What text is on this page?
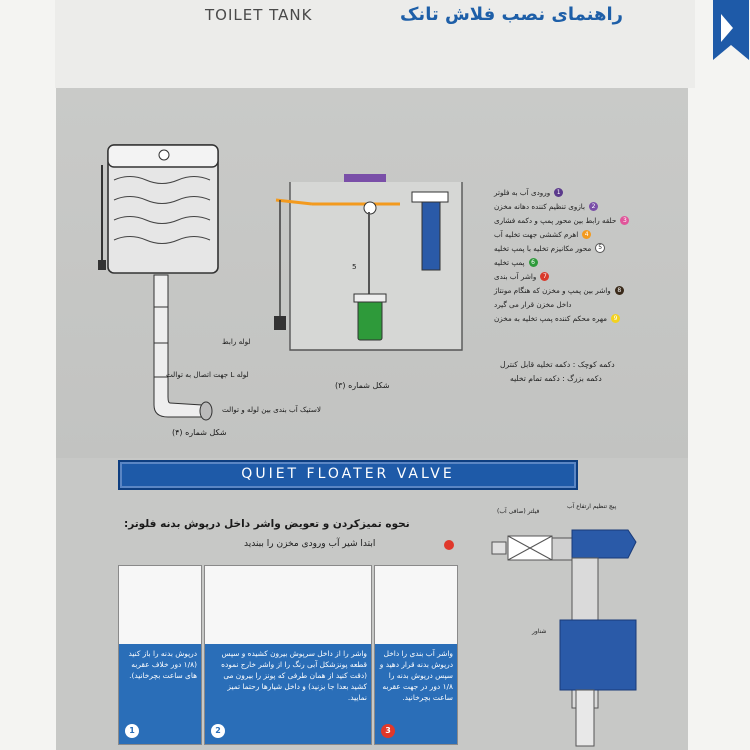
TOILET TANK	راهنمای نصب فلاش تانک
لوله رابط
لوله L جهت اتصال به توالت
لاستیک آب بندی بین لوله و توالت
شکل شماره (۴)
5
شکل شماره (۳)
ورودی آب به فلوتر	1
بازوی تنظیم کننده دهانه مخزن	2
حلقه رابط بین محور پمپ و دکمه فشاری	3
اهرم کششی جهت تخلیه آب	4
محور مکانیزم تخلیه با پمپ تخلیه	5
پمپ تخلیه	6
واشر آب بندی	7
واشر بین پمپ و مخزن که هنگام مونتاژ	8
داخل مخزن قرار می گیرد
مهره محکم کننده پمپ تخلیه به مخزن	9
دکمه کوچک : دکمه تخلیه قابل کنترل
دکمه بزرگ : دکمه تمام تخلیه
QUIET FLOATER VALVE
نحوه تمیزکردن و تعویض واشر داخل درپوش بدنه فلوتر:
ابتدا شیر آب ورودی مخزن را ببندید
فیلتر (صافی آب)
پیچ تنظیم ارتفاع آب
شناور
درپوش بدنه را باز کنید (۱/۸ دور خلاف عقربه های ساعت بچرخانید).
1
واشر را از داخل سرپوش بیرون کشیده و سپس قطعه پونزشکل آبی رنگ را از واشر خارج نموده (دقت کنید از همان طرفی که پونز را بیرون می کشید بعدا جا بزنید) و داخل شیارها رحتما تمیز نمایید.
2
واشر آب بندی را داخل درپوش بدنه قرار دهید و سپس درپوش بدنه را ۱/۸ دور در جهت عقربه ساعت بچرخانید.
3
